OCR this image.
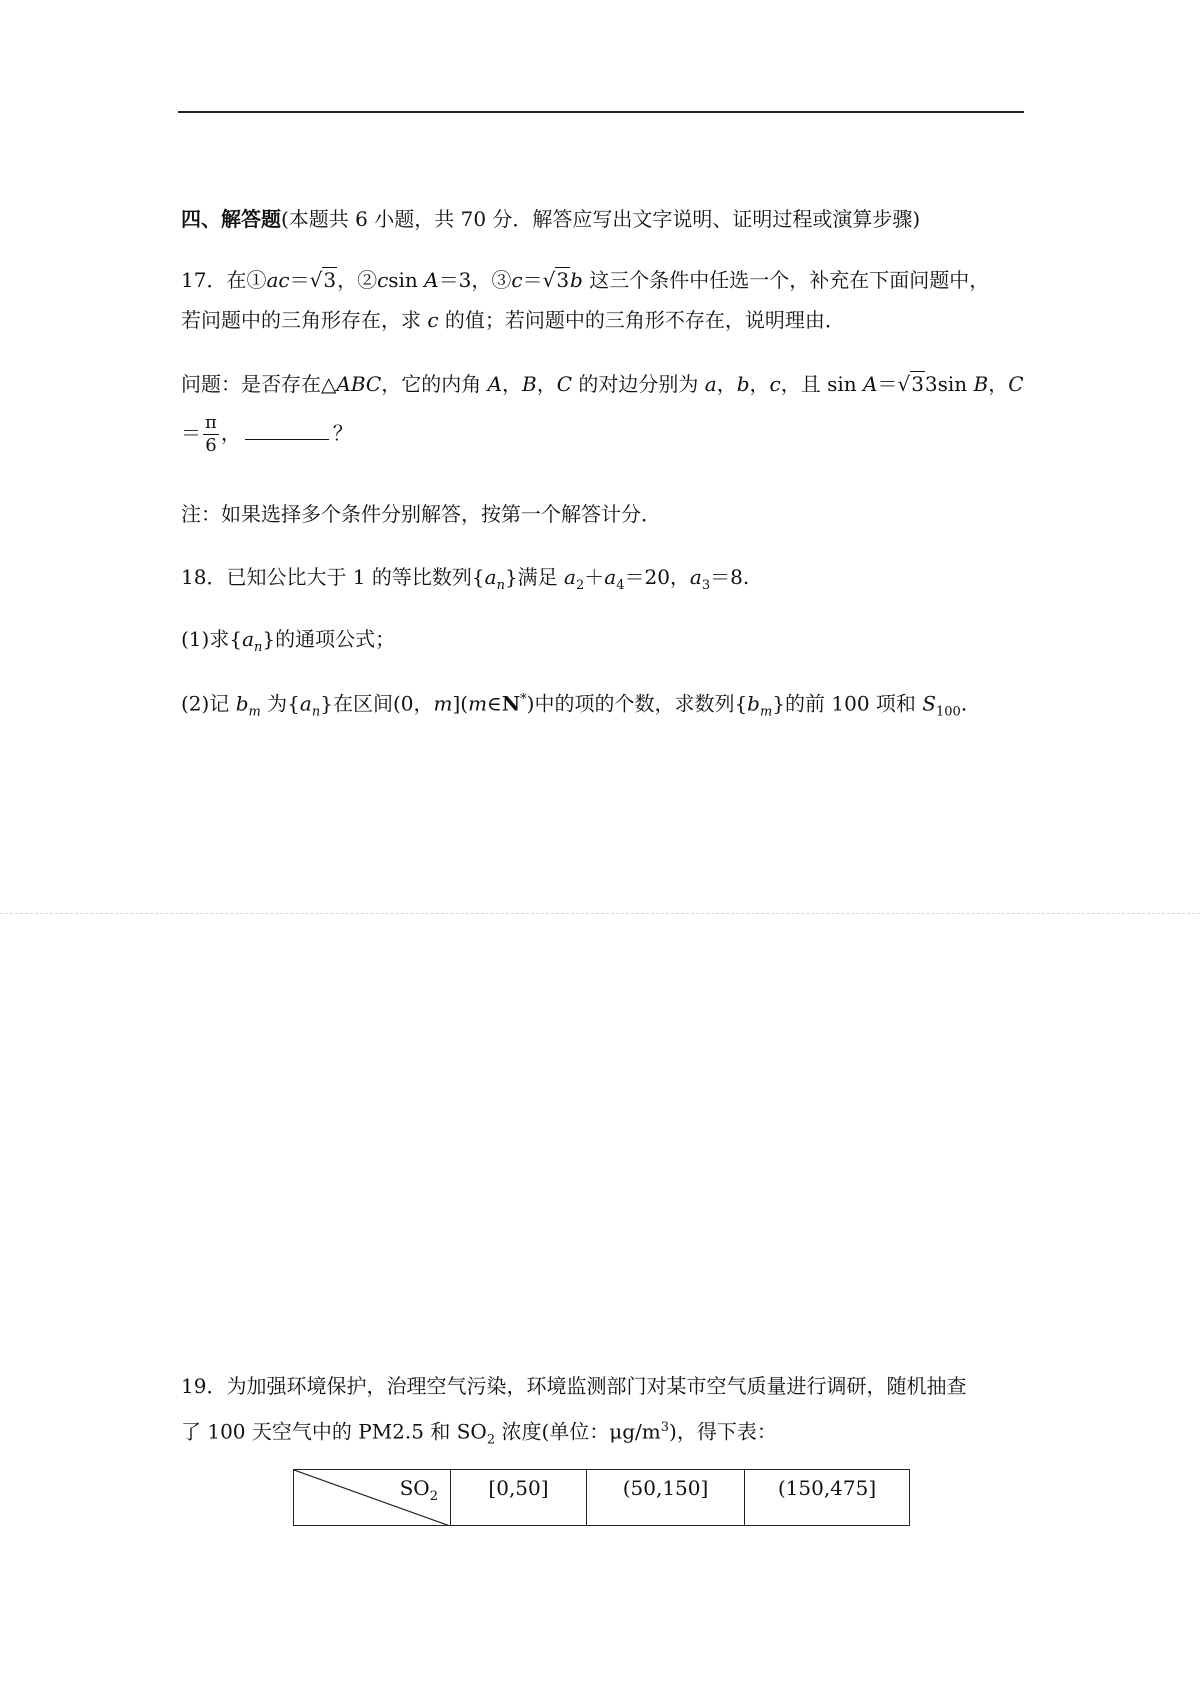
四、解答题(本题共 6 小题，共 70 分．解答应写出文字说明、证明过程或演算步骤)
17．在①ac＝√3，②csin A＝3，③c＝√3b 这三个条件中任选一个，补充在下面问题中，
若问题中的三角形存在，求 c 的值；若问题中的三角形不存在，说明理由．
问题：是否存在△ABC，它的内角 A，B，C 的对边分别为 a，b，c，且 sin A＝√33sin B，C
＝ $\frac{\pi}{6}$ ，	？
注：如果选择多个条件分别解答，按第一个解答计分．
18．已知公比大于 1 的等比数列$\{a_n\}$满足 $a_2+a_4=20$，$a_3=8$.
(1)求$\{a_n\}$的通项公式；
(2)记 $b_m$ 为$\{a_n\}$在区间(0，m](m∈N*)中的项的个数，求数列$\{b_m\}$的前 100 项和 $S_{100}$.
19．为加强环境保护，治理空气污染，环境监测部门对某市空气质量进行调研，随机抽查
了 100 天空气中的 PM2.5 和 $SO_2$ 浓度(单位：$\mu g/m^3$)，得下表：
$SO_2$	[0,50]	(50,150]	(150,475]
